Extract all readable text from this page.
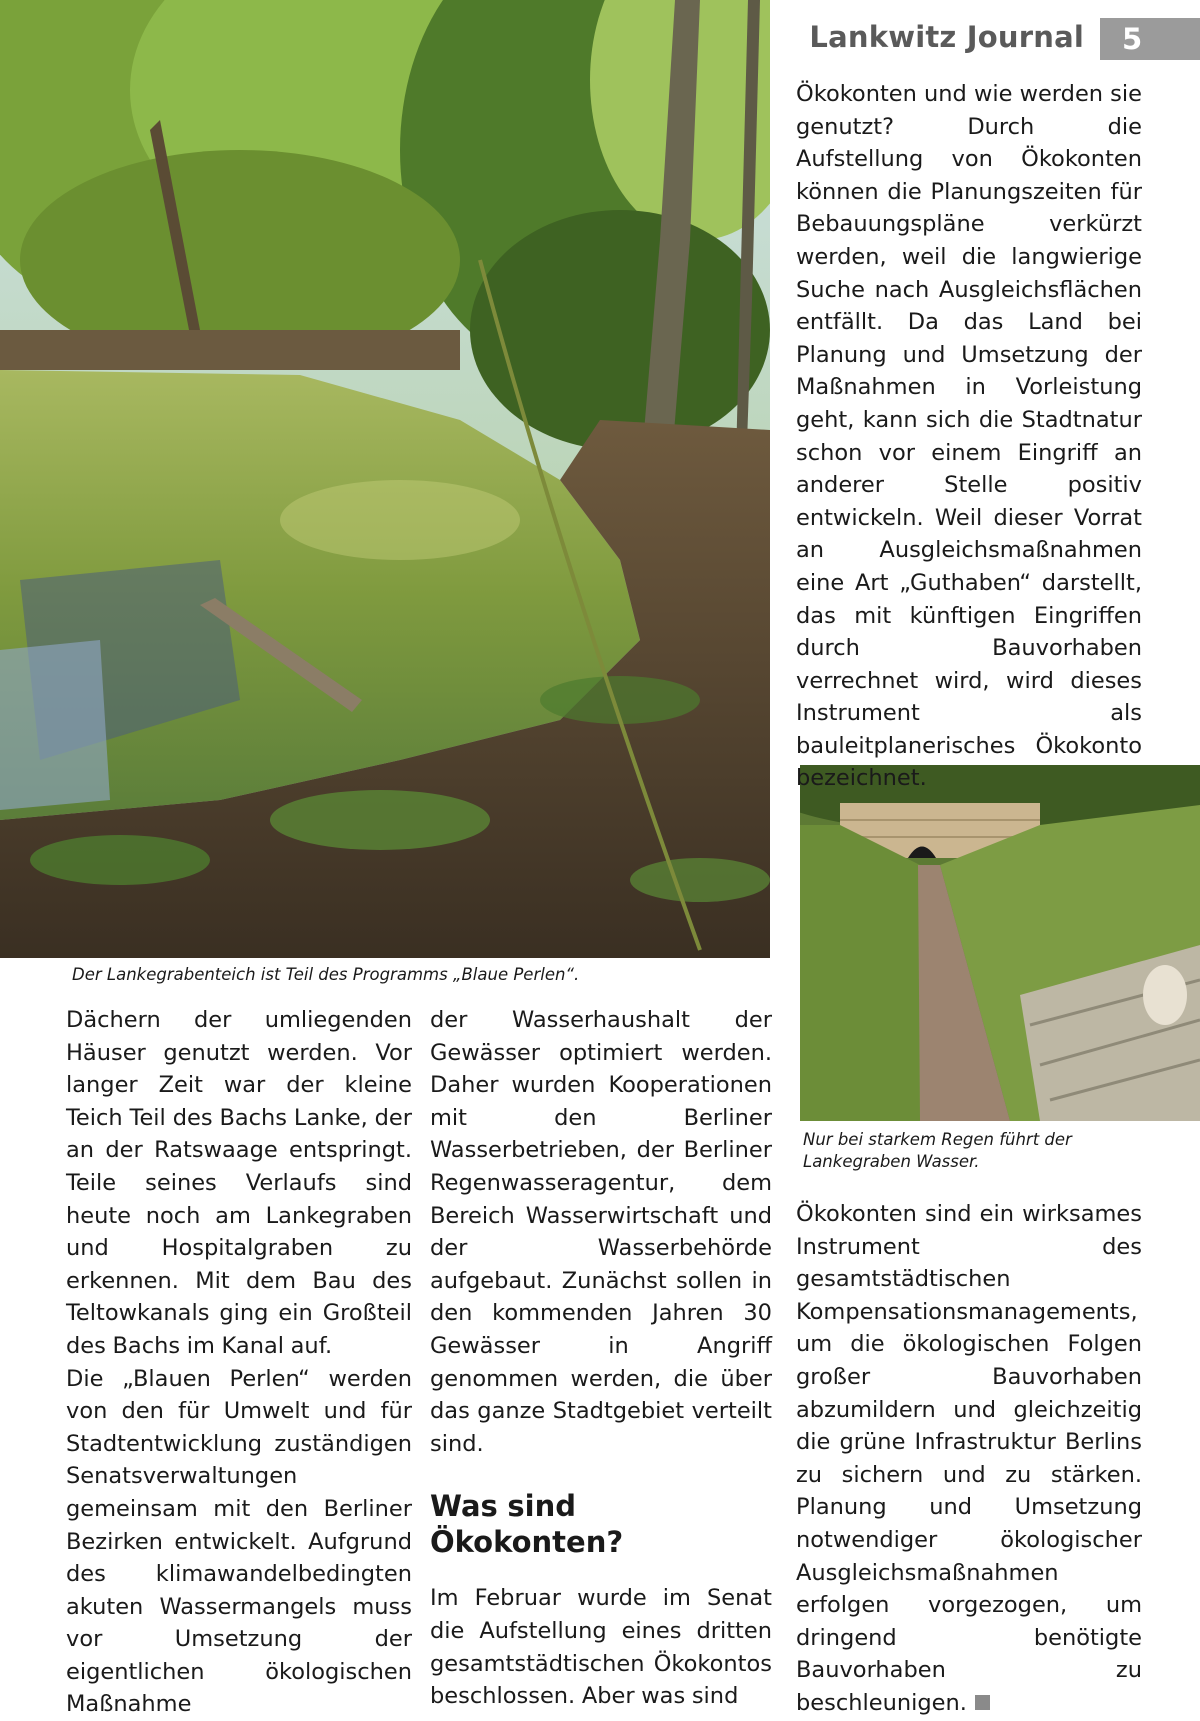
Lankwitz Journal	5
Der Lankegrabenteich ist Teil des Programms „Blaue Perlen“.
Nur bei starkem Regen führt der Lankegraben Wasser.

Ökokonten und wie werden sie genutzt? Durch die Aufstellung von Ökokonten können die Planungszeiten für Bebauungspläne verkürzt werden, weil die langwierige Suche nach Ausgleichsflächen entfällt. Da das Land bei Planung und Umsetzung der Maßnahmen in Vorleistung geht, kann sich die Stadtnatur schon vor einem Eingriff an anderer Stelle positiv entwickeln. Weil dieser Vorrat an Ausgleichsmaßnahmen eine Art „Guthaben“ darstellt, das mit künftigen Eingriffen durch Bauvorhaben verrechnet wird, wird dieses Instrument als bauleitplanerisches Ökokonto bezeichnet.

Dächern der umliegenden Häuser genutzt werden. Vor langer Zeit war der kleine Teich Teil des Bachs Lanke, der an der Ratswaage entspringt. Teile seines Verlaufs sind heute noch am Lankegraben und Hospitalgraben zu erkennen. Mit dem Bau des Teltowkanals ging ein Großteil des Bachs im Kanal auf.

Die „Blauen Perlen“ werden von den für Umwelt und für Stadtentwicklung zuständigen Senatsverwaltungen gemeinsam mit den Berliner Bezirken entwickelt. Aufgrund des klimawandelbedingten akuten Wassermangels muss vor Umsetzung der eigentlichen ökologischen Maßnahme

der Wasserhaushalt der Gewässer optimiert werden. Daher wurden Kooperationen mit den Berliner Wasserbetrieben, der Berliner Regenwasseragentur, dem Bereich Wasserwirtschaft und der Wasserbehörde aufgebaut. Zunächst sollen in den kommenden Jahren 30 Gewässer in Angriff genommen werden, die über das ganze Stadtgebiet verteilt sind.

Was sind Ökokonten?

Im Februar wurde im Senat die Aufstellung eines dritten gesamtstädtischen Ökokontos beschlossen. Aber was sind

Ökokonten sind ein wirksames Instrument des gesamtstädtischen Kompensationsmanagements, um die ökologischen Folgen großer Bauvorhaben abzumildern und gleichzeitig die grüne Infrastruktur Berlins zu sichern und zu stärken. Planung und Umsetzung notwendiger ökologischer Ausgleichsmaßnahmen erfolgen vorgezogen, um dringend benötigte Bauvorhaben zu beschleunigen.
